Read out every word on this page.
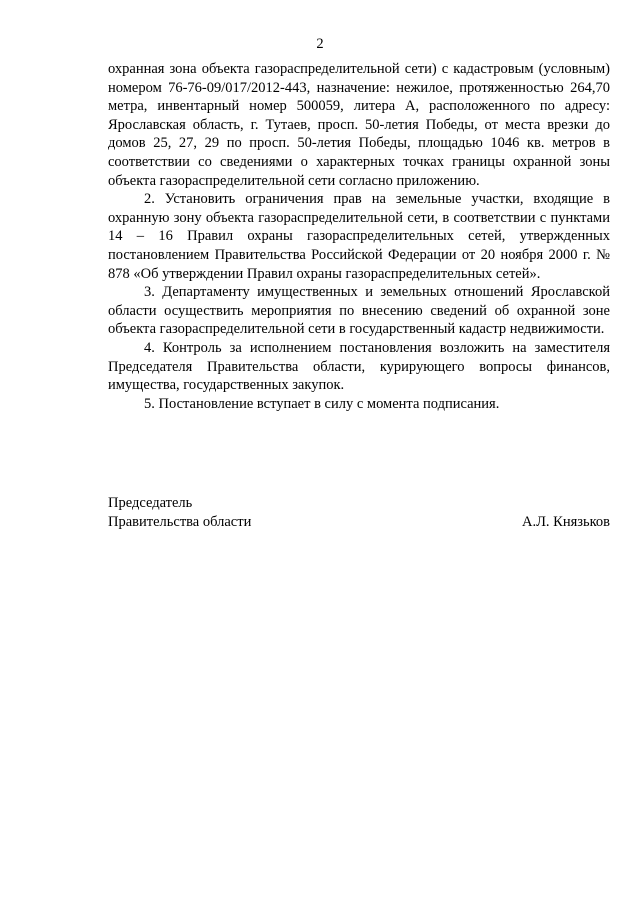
2

охранная зона объекта газораспределительной сети) с кадастровым (условным) номером 76-76-09/017/2012-443, назначение: нежилое, протяженностью 264,70 метра, инвентарный номер 500059, литера А, расположенного по адресу: Ярославская область, г. Тутаев, просп. 50-летия Победы, от места врезки до домов 25, 27, 29 по просп. 50-летия Победы, площадью 1046 кв. метров в соответствии со сведениями о характерных точках границы охранной зоны объекта газораспределительной сети согласно приложению.

2. Установить ограничения прав на земельные участки, входящие в охранную зону объекта газораспределительной сети, в соответствии с пунктами 14 – 16 Правил охраны газораспределительных сетей, утвержденных постановлением Правительства Российской Федерации от 20 ноября 2000 г. № 878 «Об утверждении Правил охраны газораспределительных сетей».

3. Департаменту имущественных и земельных отношений Ярославской области осуществить мероприятия по внесению сведений об охранной зоне объекта газораспределительной сети в государственный кадастр недвижимости.

4. Контроль за исполнением постановления возложить на заместителя Председателя Правительства области, курирующего вопросы финансов, имущества, государственных закупок.

5. Постановление вступает в силу с момента подписания.

Председатель
Правительства области	А.Л. Князьков
